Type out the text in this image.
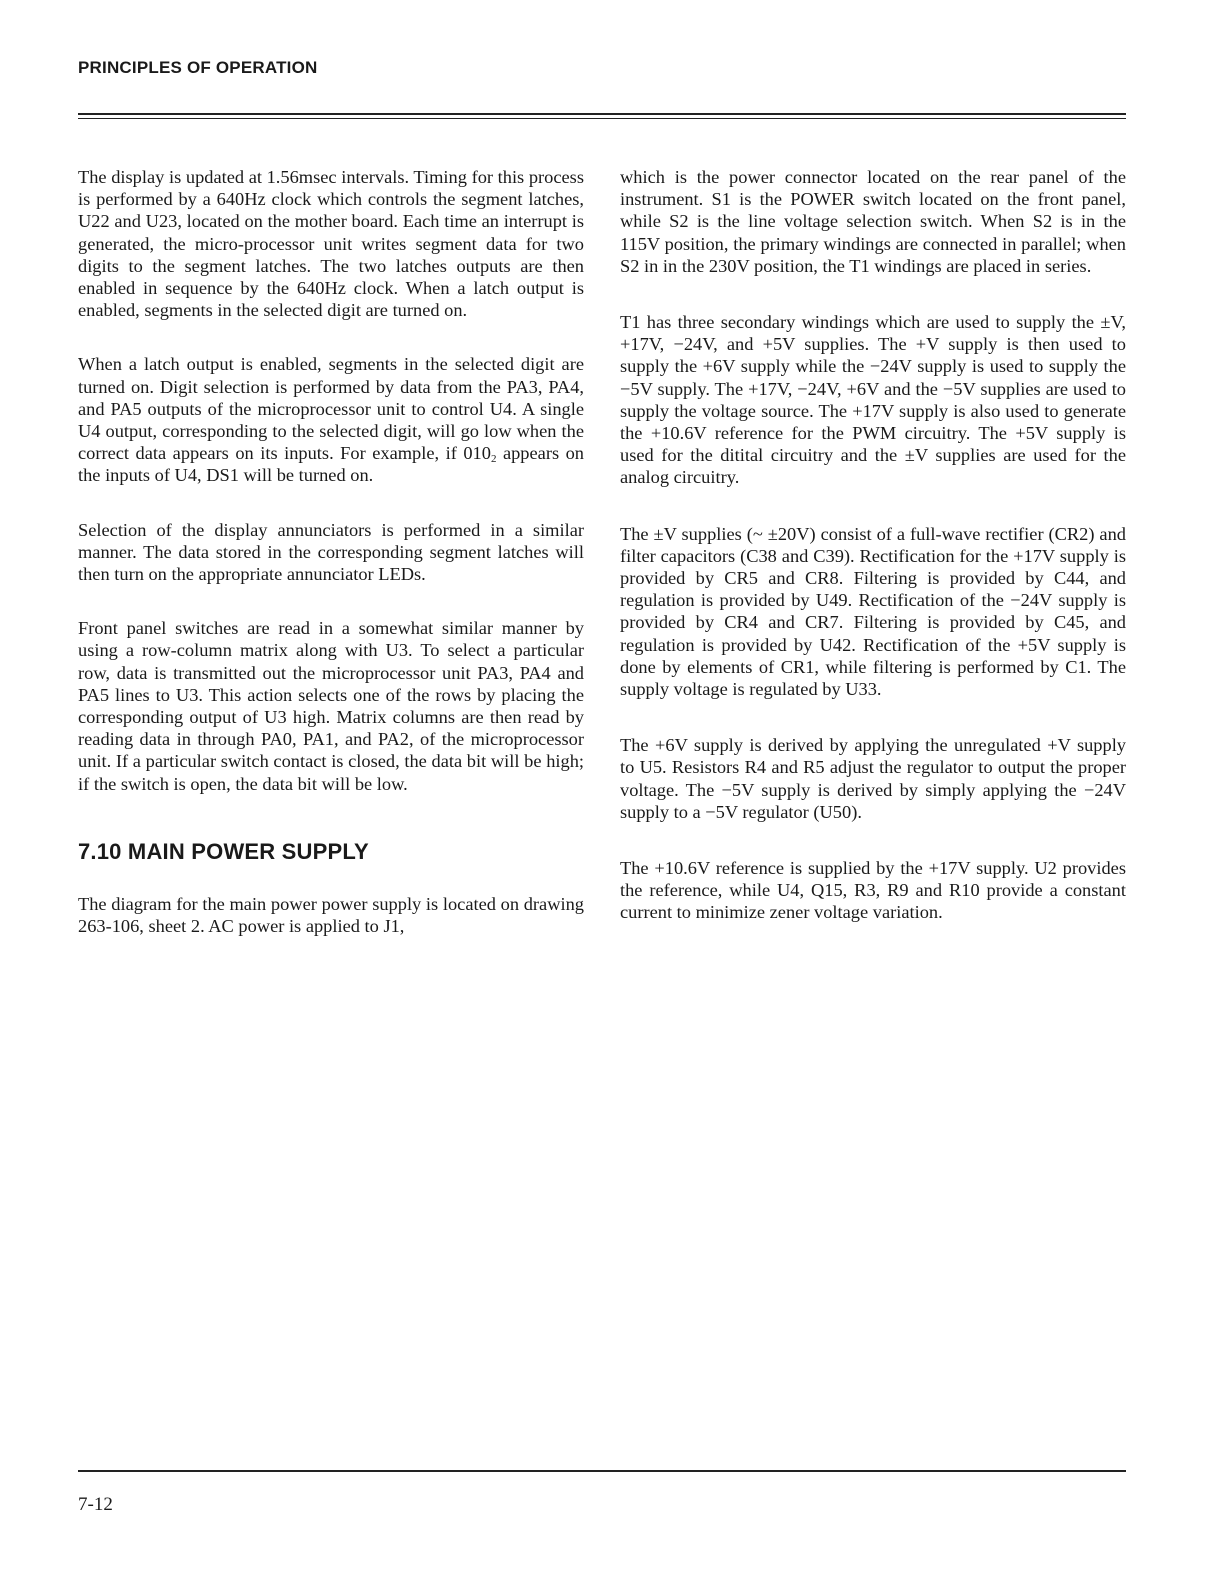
PRINCIPLES OF OPERATION

The display is updated at 1.56msec intervals. Timing for this process is performed by a 640Hz clock which controls the segment latches, U22 and U23, located on the mother board. Each time an interrupt is generated, the micro-processor unit writes segment data for two digits to the segment latches. The two latches outputs are then enabled in sequence by the 640Hz clock. When a latch output is enabled, segments in the selected digit are turned on.

When a latch output is enabled, segments in the selected digit are turned on. Digit selection is performed by data from the PA3, PA4, and PA5 outputs of the microprocessor unit to control U4. A single U4 output, corresponding to the selected digit, will go low when the correct data appears on its inputs. For example, if $010_2$ appears on the inputs of U4, DS1 will be turned on.

Selection of the display annunciators is performed in a similar manner. The data stored in the corresponding segment latches will then turn on the appropriate annunciator LEDs.

Front panel switches are read in a somewhat similar manner by using a row-column matrix along with U3. To select a particular row, data is transmitted out the microprocessor unit PA3, PA4 and PA5 lines to U3. This action selects one of the rows by placing the corresponding output of U3 high. Matrix columns are then read by reading data in through PA0, PA1, and PA2, of the microprocessor unit. If a particular switch contact is closed, the data bit will be high; if the switch is open, the data bit will be low.

7.10 MAIN POWER SUPPLY

The diagram for the main power power supply is located on drawing 263-106, sheet 2. AC power is applied to J1,

which is the power connector located on the rear panel of the instrument. S1 is the POWER switch located on the front panel, while S2 is the line voltage selection switch. When S2 is in the 115V position, the primary windings are connected in parallel; when S2 in in the 230V position, the T1 windings are placed in series.

T1 has three secondary windings which are used to supply the ±V, +17V, −24V, and +5V supplies. The +V supply is then used to supply the +6V supply while the −24V supply is used to supply the −5V supply. The +17V, −24V, +6V and the −5V supplies are used to supply the voltage source. The +17V supply is also used to generate the +10.6V reference for the PWM circuitry. The +5V supply is used for the ditital circuitry and the ±V supplies are used for the analog circuitry.

The ±V supplies (~ ±20V) consist of a full-wave rectifier (CR2) and filter capacitors (C38 and C39). Rectification for the +17V supply is provided by CR5 and CR8. Filtering is provided by C44, and regulation is provided by U49. Rectification of the −24V supply is provided by CR4 and CR7. Filtering is provided by C45, and regulation is provided by U42. Rectification of the +5V supply is done by elements of CR1, while filtering is performed by C1. The supply voltage is regulated by U33.

The +6V supply is derived by applying the unregulated +V supply to U5. Resistors R4 and R5 adjust the regulator to output the proper voltage. The −5V supply is derived by simply applying the −24V supply to a −5V regulator (U50).

The +10.6V reference is supplied by the +17V supply. U2 provides the reference, while U4, Q15, R3, R9 and R10 provide a constant current to minimize zener voltage variation.

7-12
